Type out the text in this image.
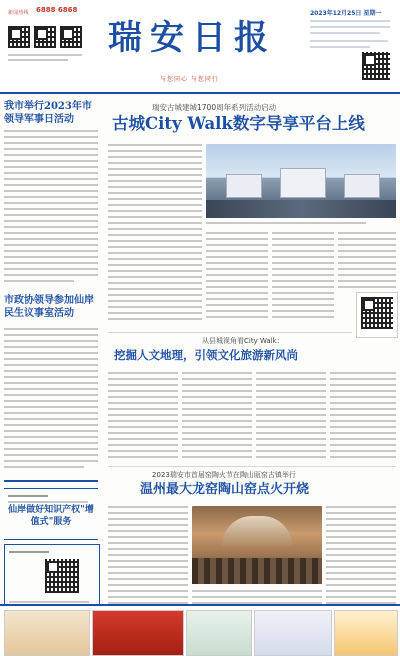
新闻热线 6888 6868
瑞安日报
与您同心 与您同行
2023年12月25日 星期一
我市举行2023年市领导军事日活动
市政协领导参加仙岸民生议事室活动
仙岸做好知识产权"增值式"服务
瑞安古城建城1700周年系列活动启动
古城City Walk数字导享平台上线
从县城视角看City Walk：
挖掘人文地理，引领文化旅游新风尚
2023瑞安市首届窑陶火节在陶山瓯窑古镇举行
温州最大龙窑陶山窑点火开烧
